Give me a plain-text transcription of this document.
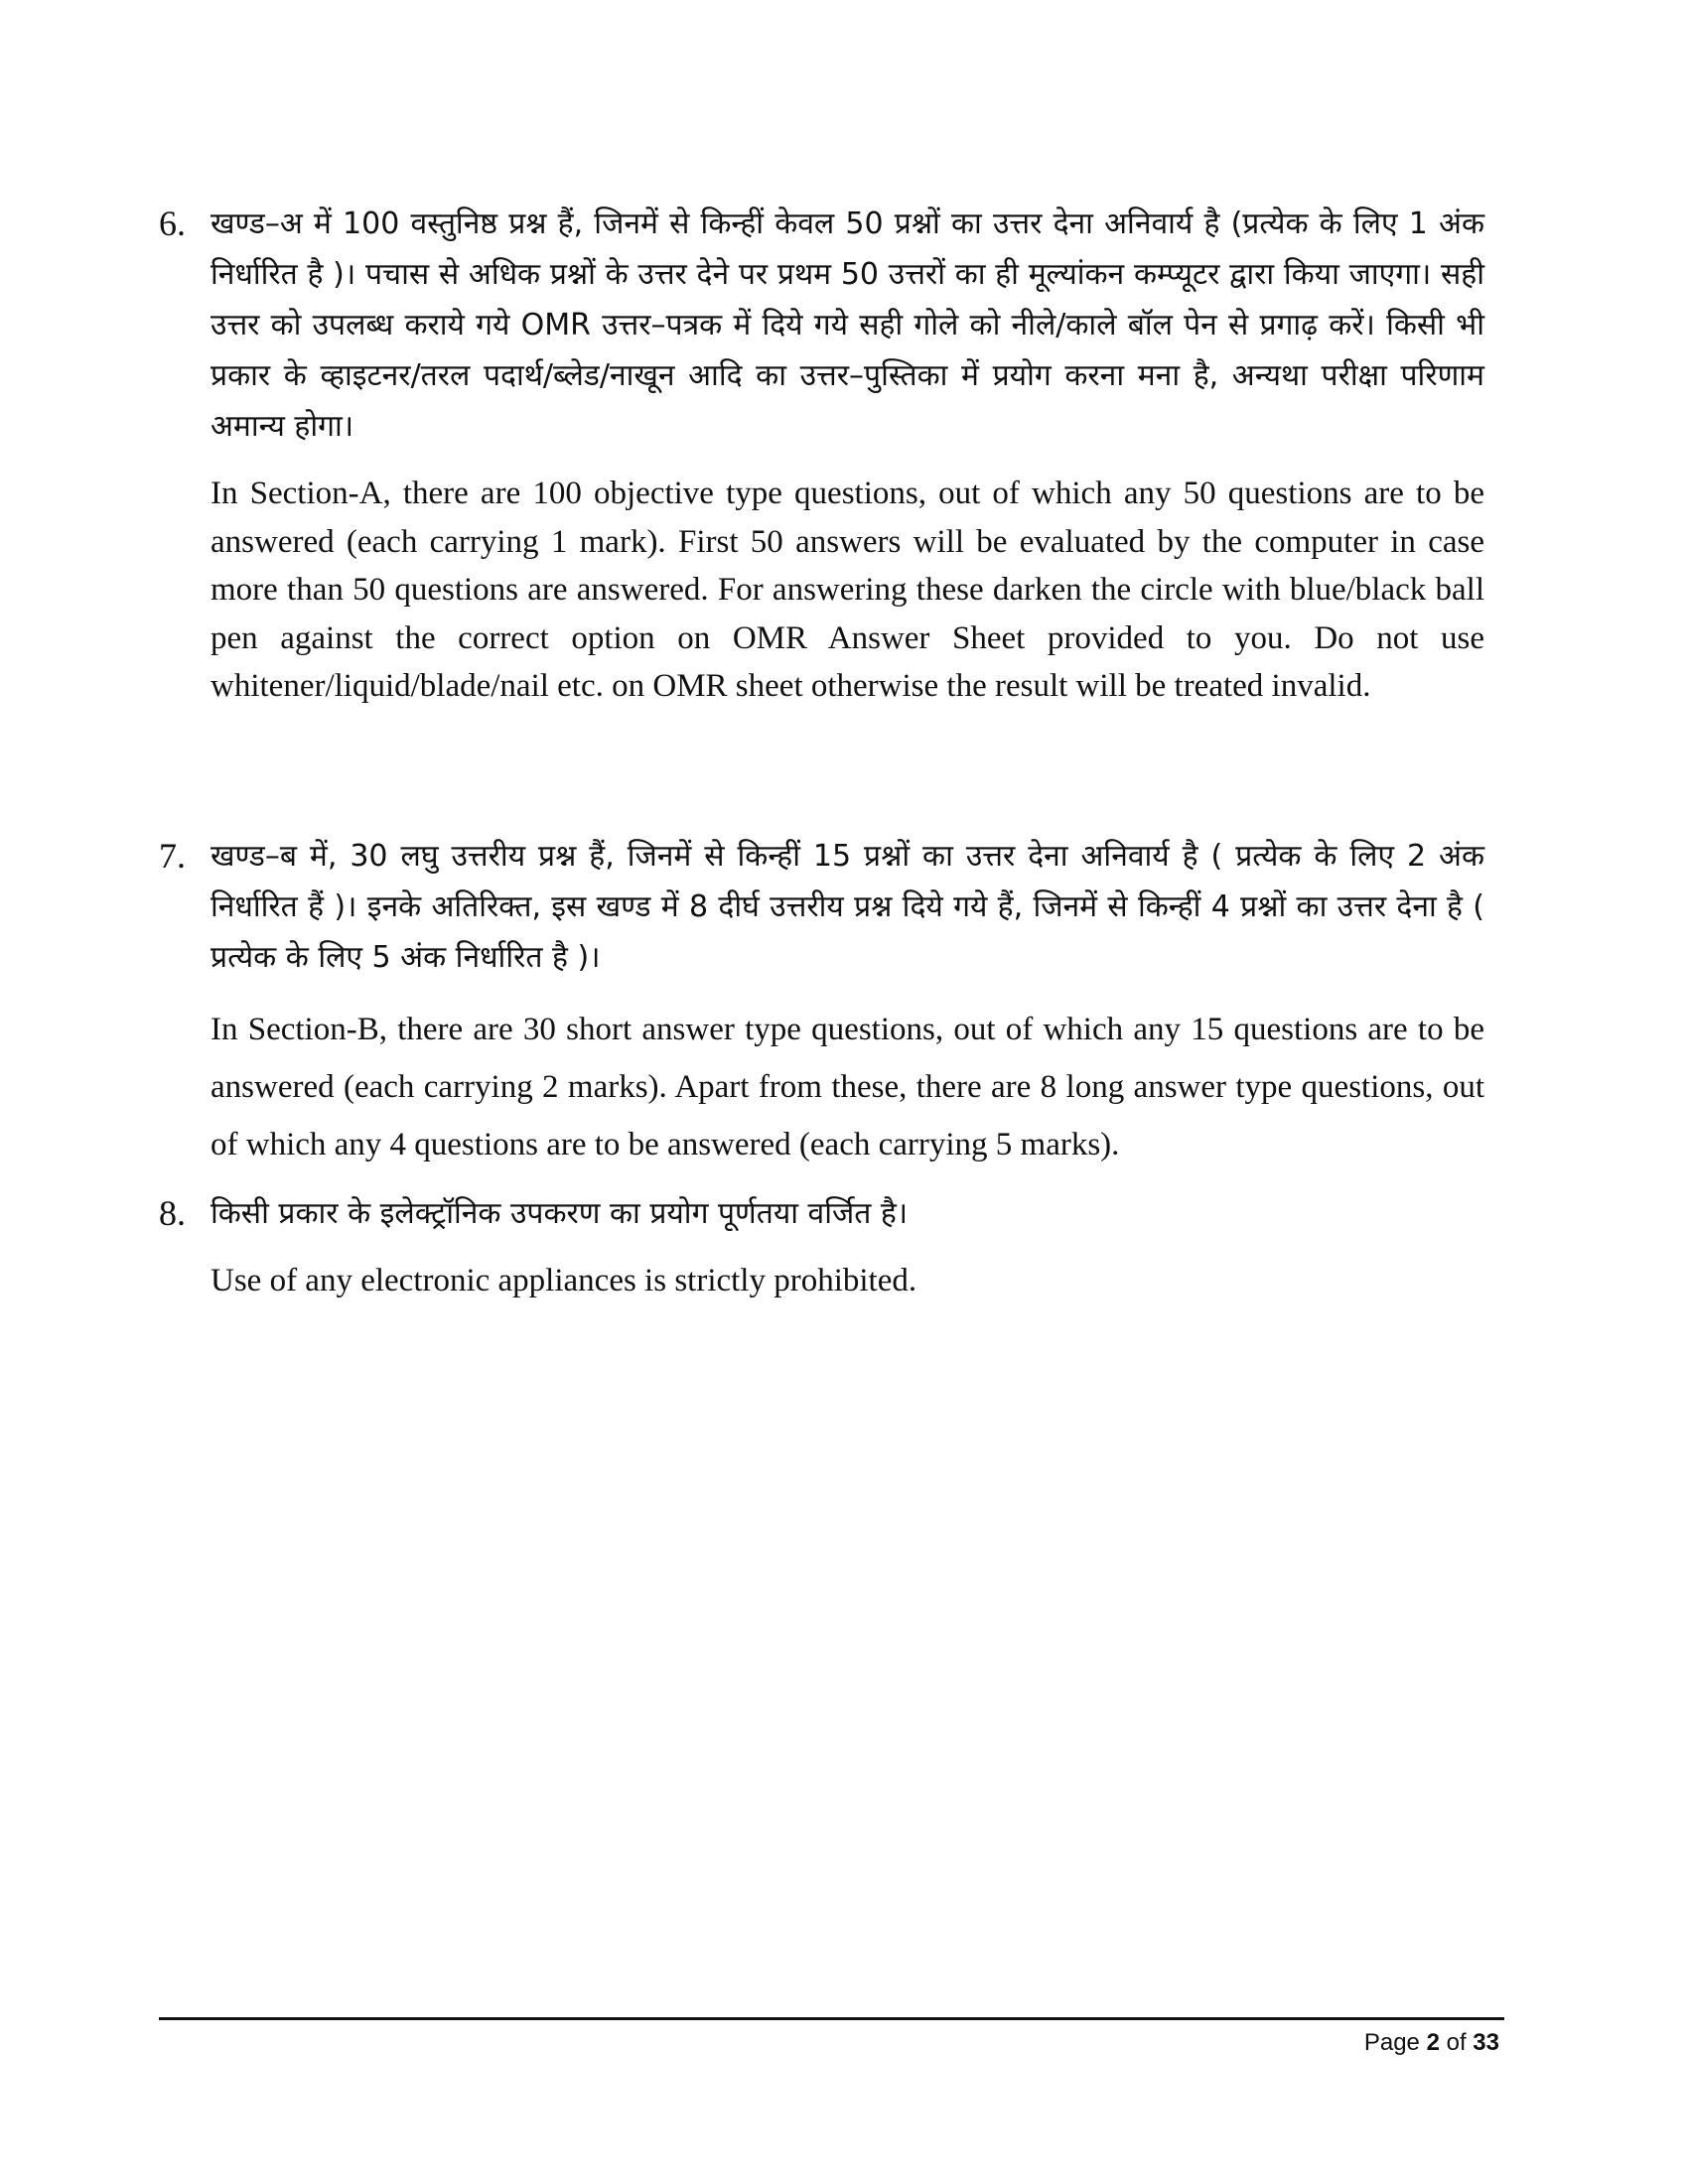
6. खण्ड–अ में 100 वस्तुनिष्ठ प्रश्न हैं, जिनमें से किन्हीं केवल 50 प्रश्नों का उत्तर देना अनिवार्य है (प्रत्येक के लिए 1 अंक निर्धारित है )। पचास से अधिक प्रश्नों के उत्तर देने पर प्रथम 50 उत्तरों का ही मूल्यांकन कम्प्यूटर द्वारा किया जाएगा। सही उत्तर को उपलब्ध कराये गये OMR उत्तर–पत्रक में दिये गये सही गोले को नीले/काले बॉल पेन से प्रगाढ़ करें। किसी भी प्रकार के व्हाइटनर/तरल पदार्थ/ब्लेड/नाखून आदि का उत्तर–पुस्तिका में प्रयोग करना मना है, अन्यथा परीक्षा परिणाम अमान्य होगा।
In Section-A, there are 100 objective type questions, out of which any 50 questions are to be answered (each carrying 1 mark). First 50 answers will be evaluated by the computer in case more than 50 questions are answered. For answering these darken the circle with blue/black ball pen against the correct option on OMR Answer Sheet provided to you. Do not use whitener/liquid/blade/nail etc. on OMR sheet otherwise the result will be treated invalid.
7. खण्ड–ब में, 30 लघु उत्तरीय प्रश्न हैं, जिनमें से किन्हीं 15 प्रश्नों का उत्तर देना अनिवार्य है ( प्रत्येक के लिए 2 अंक निर्धारित हैं )। इनके अतिरिक्त, इस खण्ड में 8 दीर्घ उत्तरीय प्रश्न दिये गये हैं, जिनमें से किन्हीं 4 प्रश्नों का उत्तर देना है ( प्रत्येक के लिए 5 अंक निर्धारित है )।
In Section-B, there are 30 short answer type questions, out of which any 15 questions are to be answered (each carrying 2 marks). Apart from these, there are 8 long answer type questions, out of which any 4 questions are to be answered (each carrying 5 marks).
8. किसी प्रकार के इलेक्ट्रॉनिक उपकरण का प्रयोग पूर्णतया वर्जित है।
Use of any electronic appliances is strictly prohibited.
Page 2 of 33
